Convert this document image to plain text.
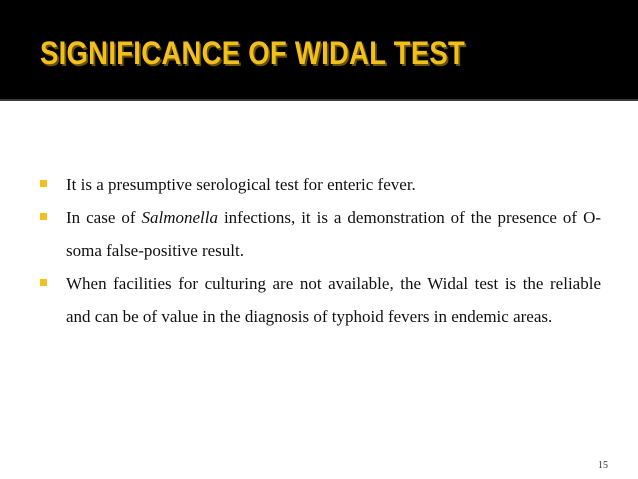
SIGNIFICANCE OF WIDAL TEST
It is a presumptive serological test for enteric fever.
In case of Salmonella infections, it is a demonstration of the presence of O-soma false-positive result.
When facilities for culturing are not available, the Widal test is the reliable and can be of value in the diagnosis of typhoid fevers in endemic areas.
15
